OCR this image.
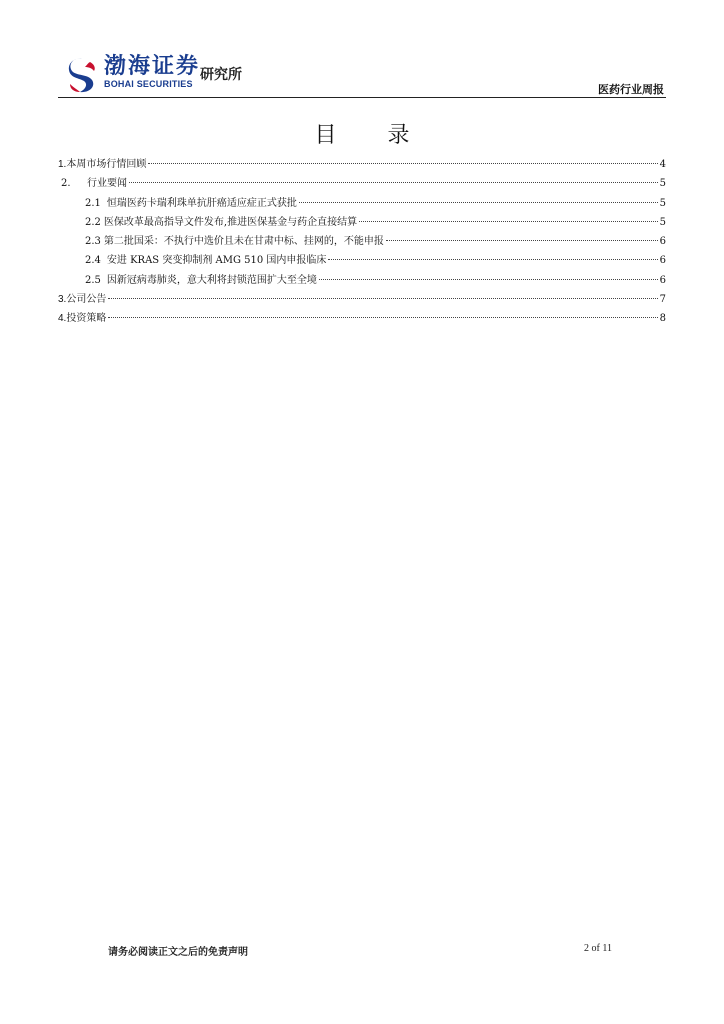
渤海证券
BOHAI SECURITIES
研究所
医药行业周报
目 录
1. 本周市场行情回顾	4
2.	行业要闻	5
2.1 恒瑞医药卡瑞利珠单抗肝癌适应症正式获批	5
2.2 医保改革最高指导文件发布,推进医保基金与药企直接结算	5
2.3 第二批国采：不执行中选价且未在甘肃中标、挂网的，不能申报	6
2.4 安进 KRAS 突变抑制剂 AMG 510 国内申报临床	6
2.5 因新冠病毒肺炎，意大利将封锁范围扩大至全境	6
3. 公司公告	7
4. 投资策略	8
请务必阅读正文之后的免责声明	2 of 11
